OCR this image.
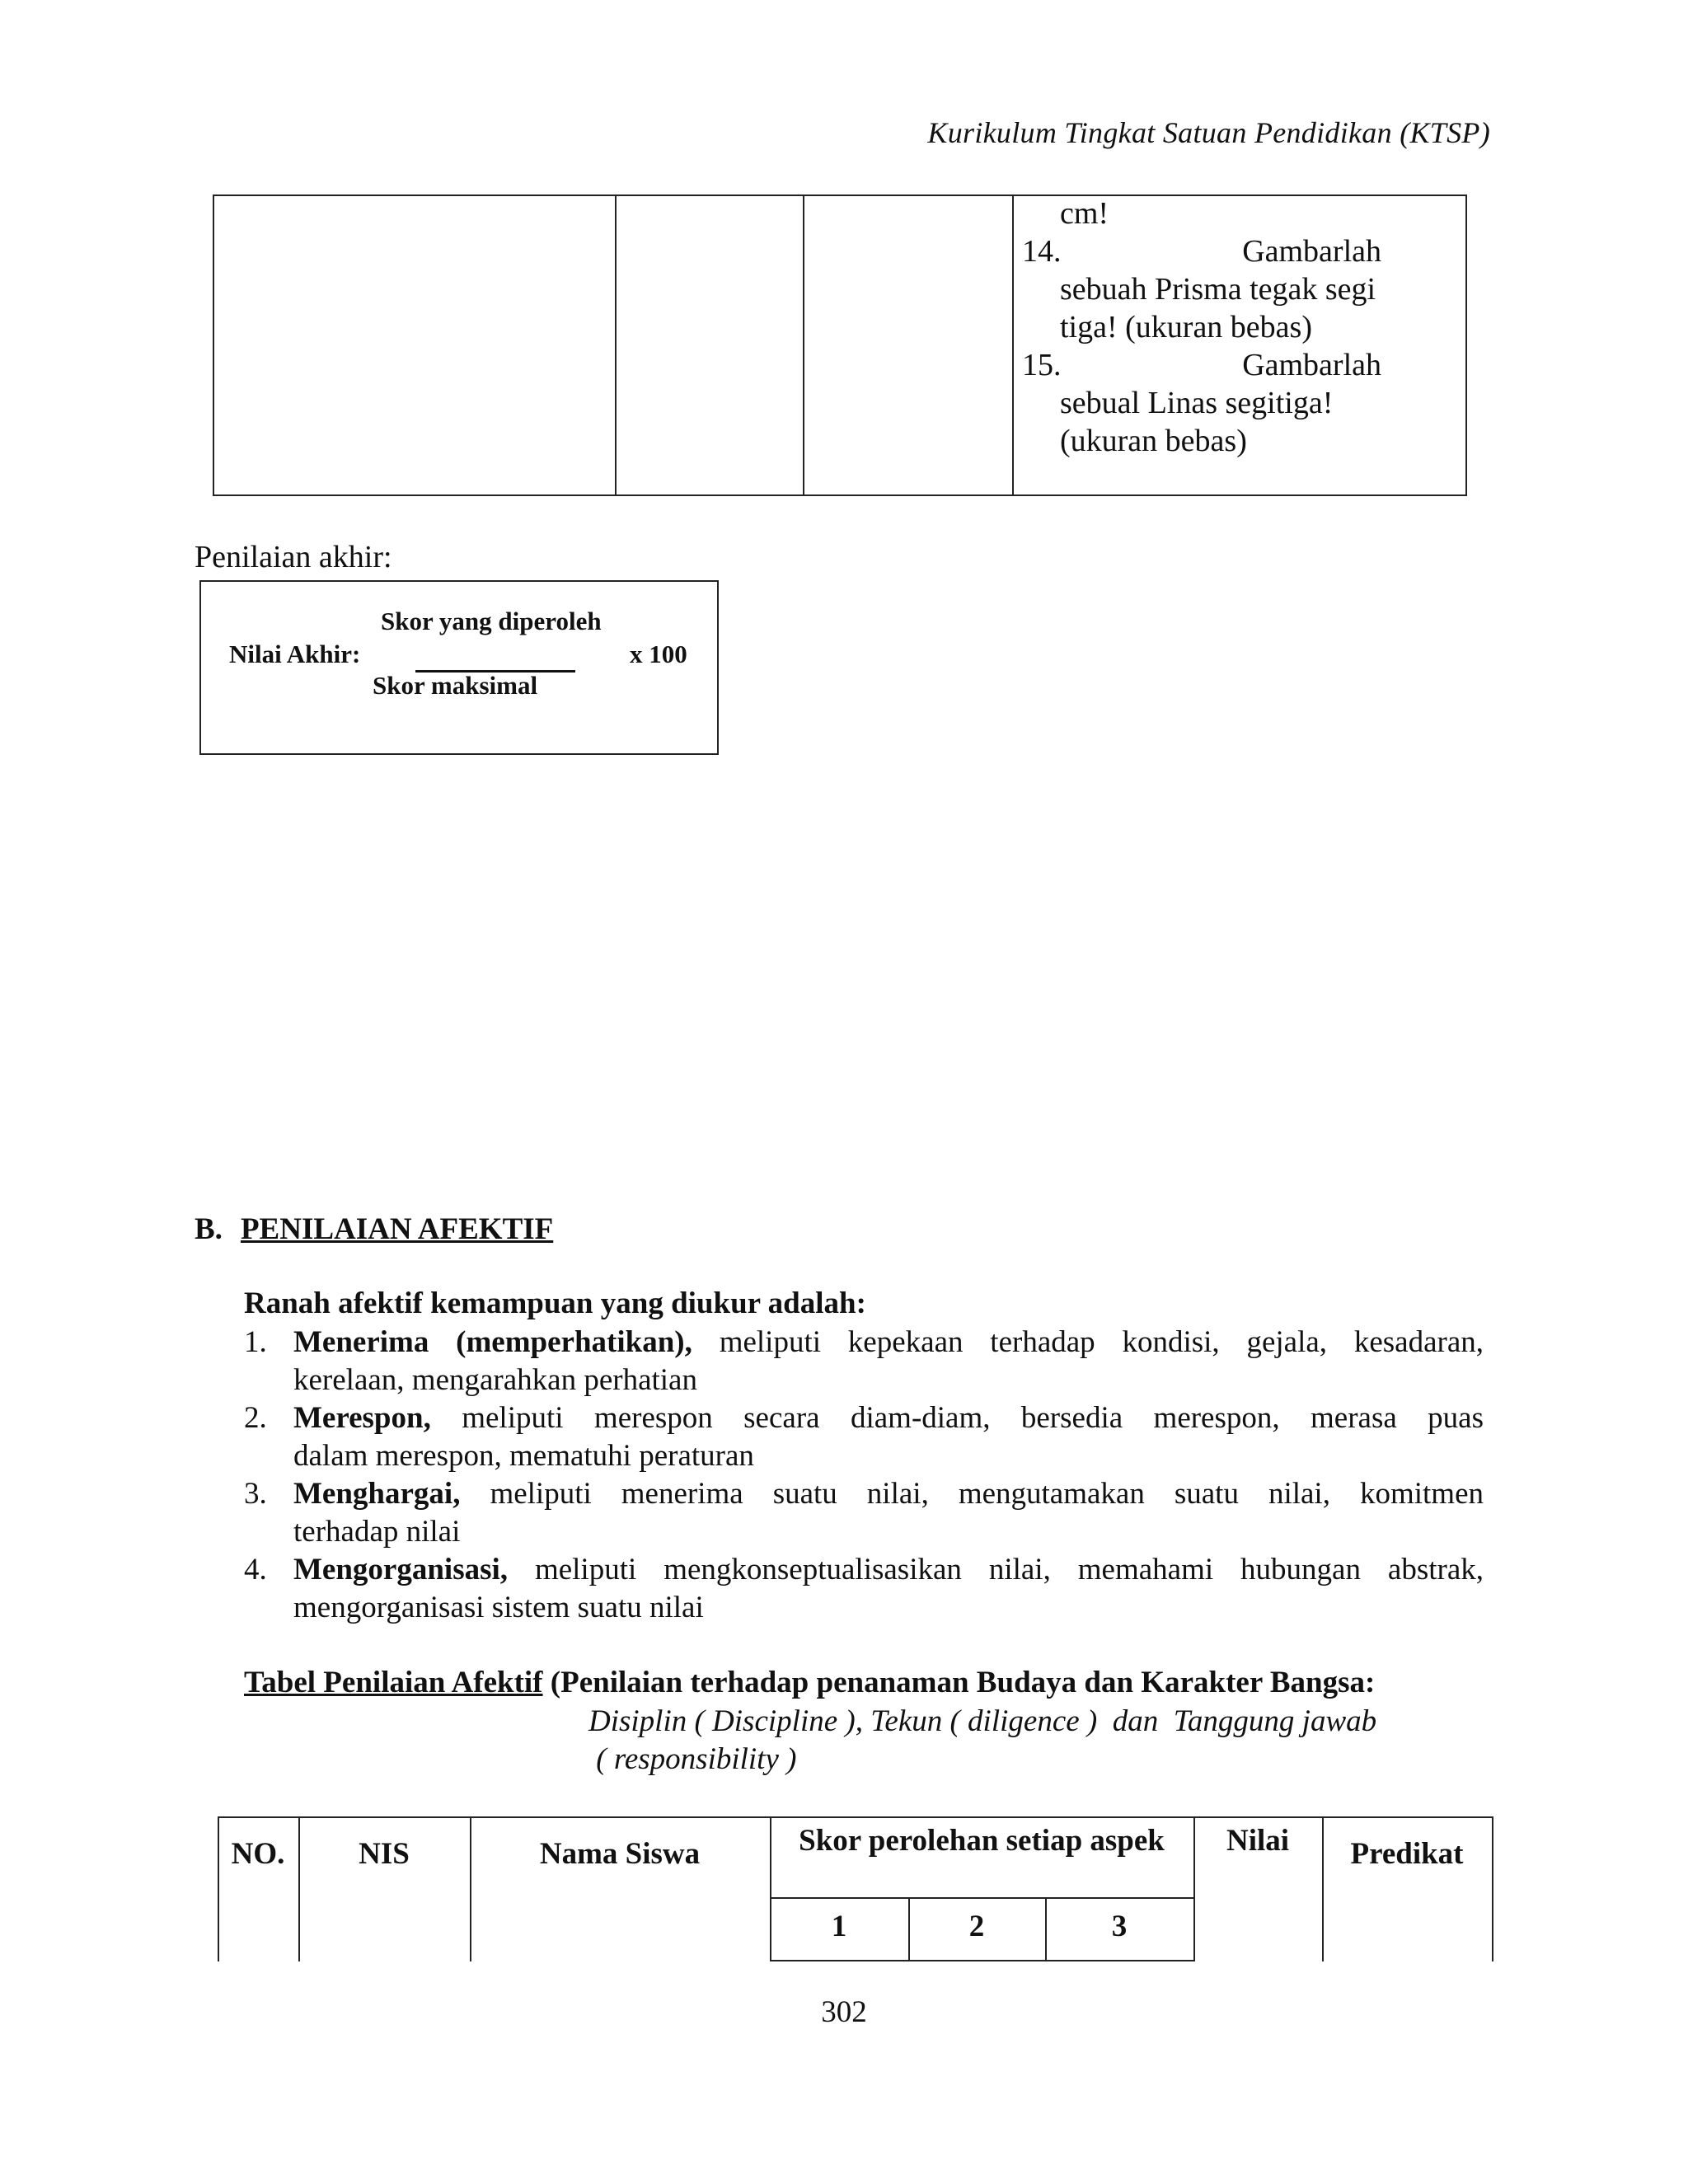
Kurikulum Tingkat Satuan Pendidikan (KTSP)
cm!
14.	Gambarlah
sebuah Prisma tegak segi
tiga! (ukuran bebas)
15.	Gambarlah
sebual Linas segitiga!
(ukuran bebas)
Penilaian akhir:
Skor yang diperoleh
Nilai Akhir:	x 100
Skor maksimal
B. PENILAIAN AFEKTIF
Ranah afektif kemampuan yang diukur adalah:
1. Menerima (memperhatikan), meliputi kepekaan terhadap kondisi, gejala, kesadaran,
kerelaan, mengarahkan perhatian
2. Merespon, meliputi merespon secara diam-diam, bersedia merespon, merasa puas
dalam merespon, mematuhi peraturan
3. Menghargai, meliputi menerima suatu nilai, mengutamakan suatu nilai, komitmen
terhadap nilai
4. Mengorganisasi, meliputi mengkonseptualisasikan nilai, memahami hubungan abstrak,
mengorganisasi sistem suatu nilai
Tabel Penilaian Afektif (Penilaian terhadap penanaman Budaya dan Karakter Bangsa:
Disiplin ( Discipline ), Tekun ( diligence )  dan  Tanggung jawab
( responsibility )
NO.	NIS	Nama Siswa	Skor perolehan setiap aspek	Nilai	Predikat
1	2	3
302
